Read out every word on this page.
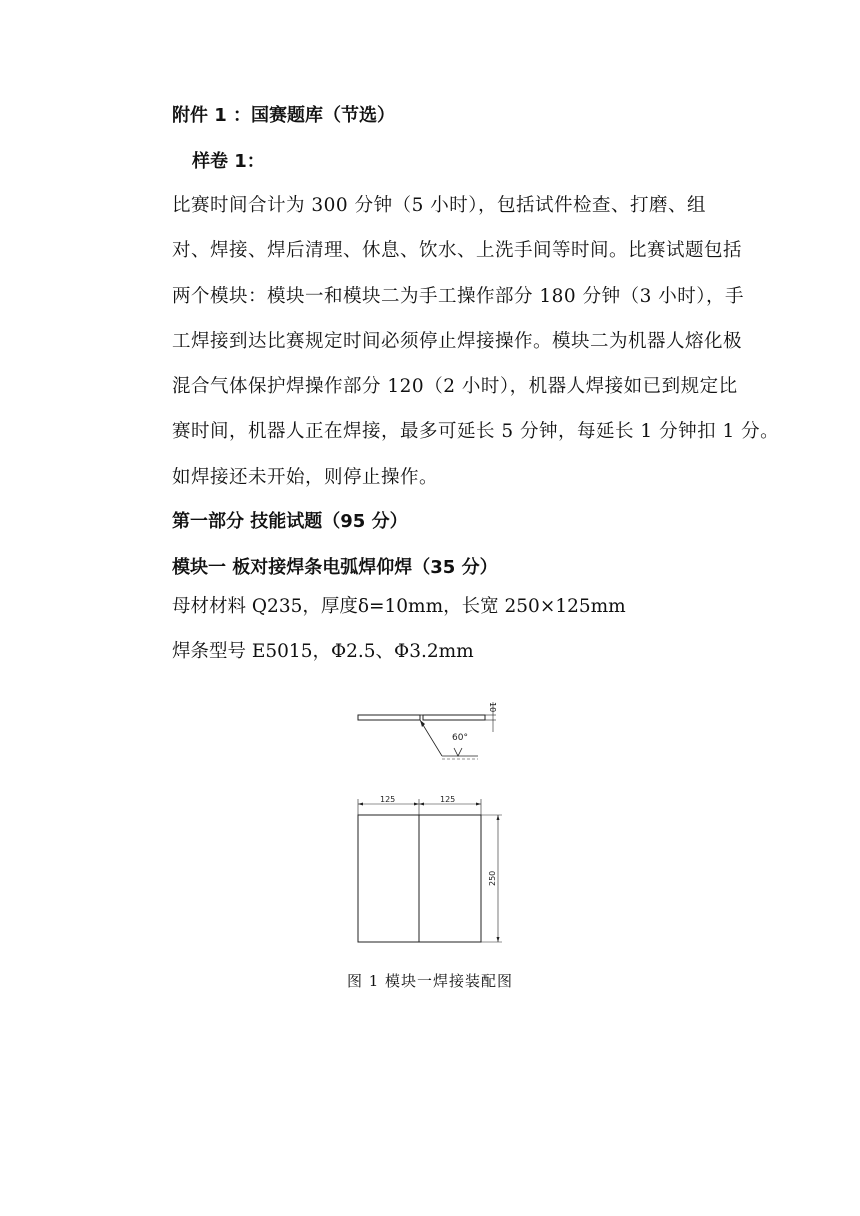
附件 1 ：国赛题库（节选）
样卷 1：
比赛时间合计为 300 分钟（5 小时），包括试件检查、打磨、组
对、焊接、焊后清理、休息、饮水、上洗手间等时间。比赛试题包括
两个模块：模块一和模块二为手工操作部分 180 分钟（3 小时），手
工焊接到达比赛规定时间必须停止焊接操作。模块二为机器人熔化极
混合气体保护焊操作部分 120（2 小时），机器人焊接如已到规定比
赛时间，机器人正在焊接，最多可延长 5 分钟，每延长 1 分钟扣 1 分。
如焊接还未开始，则停止操作。
第一部分 技能试题（95 分）
模块一 板对接焊条电弧焊仰焊（35 分）
母材材料 Q235，厚度δ=10mm，长宽 250×125mm
焊条型号 E5015，Φ2.5、Φ3.2mm
10
60°
125	125
250
图 1 模块一焊接装配图
